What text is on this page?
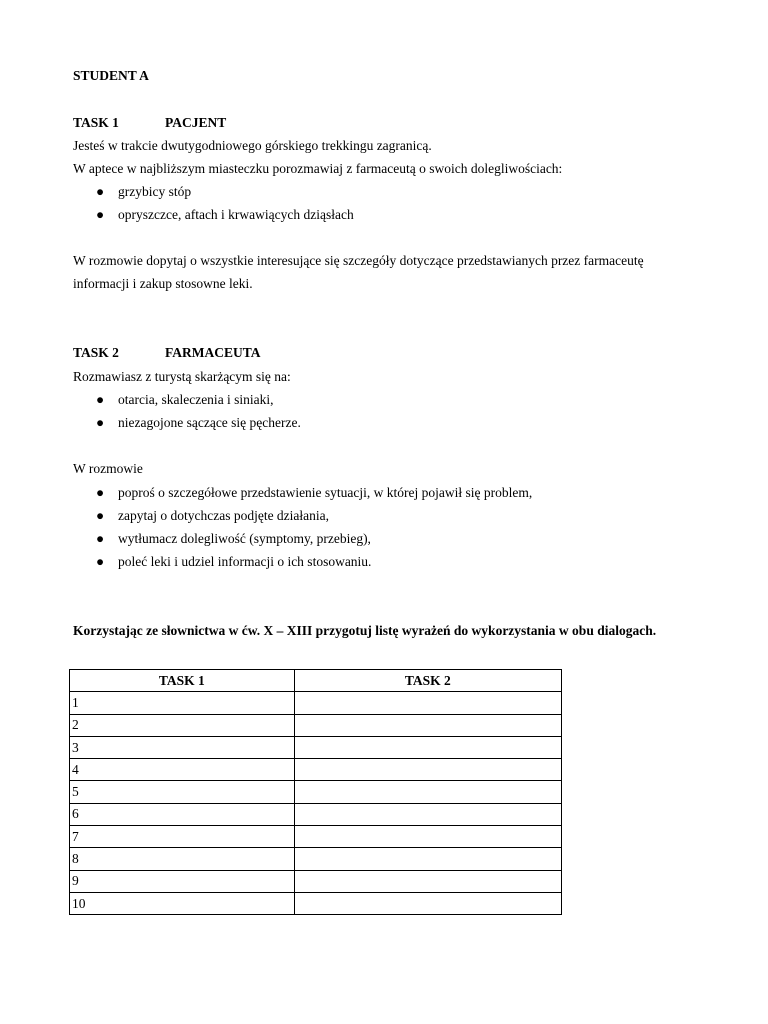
STUDENT A
TASK 1	PACJENT
Jesteś w trakcie dwutygodniowego górskiego trekkingu zagranicą.
W aptece w najbliższym miasteczku porozmawiaj z farmaceutą o swoich dolegliwościach:
● grzybicy stóp
● opryszczce, aftach i krwawiących dziąsłach
W rozmowie dopytaj o wszystkie interesujące się szczegóły dotyczące przedstawianych przez farmaceutę
informacji i zakup stosowne leki.
TASK 2	FARMACEUTA
Rozmawiasz z turystą skarżącym się na:
● otarcia, skaleczenia i siniaki,
● niezagojone sączące się pęcherze.
W rozmowie
● poproś o szczegółowe przedstawienie sytuacji, w której pojawił się problem,
● zapytaj o dotychczas podjęte działania,
● wytłumacz dolegliwość (symptomy, przebieg),
● poleć leki i udziel informacji o ich stosowaniu.
Korzystając ze słownictwa w ćw. X – XIII przygotuj listę wyrażeń do wykorzystania w obu dialogach.
TASK 1	TASK 2
1	
2	
3	
4	
5	
6	
7	
8	
9	
10	
